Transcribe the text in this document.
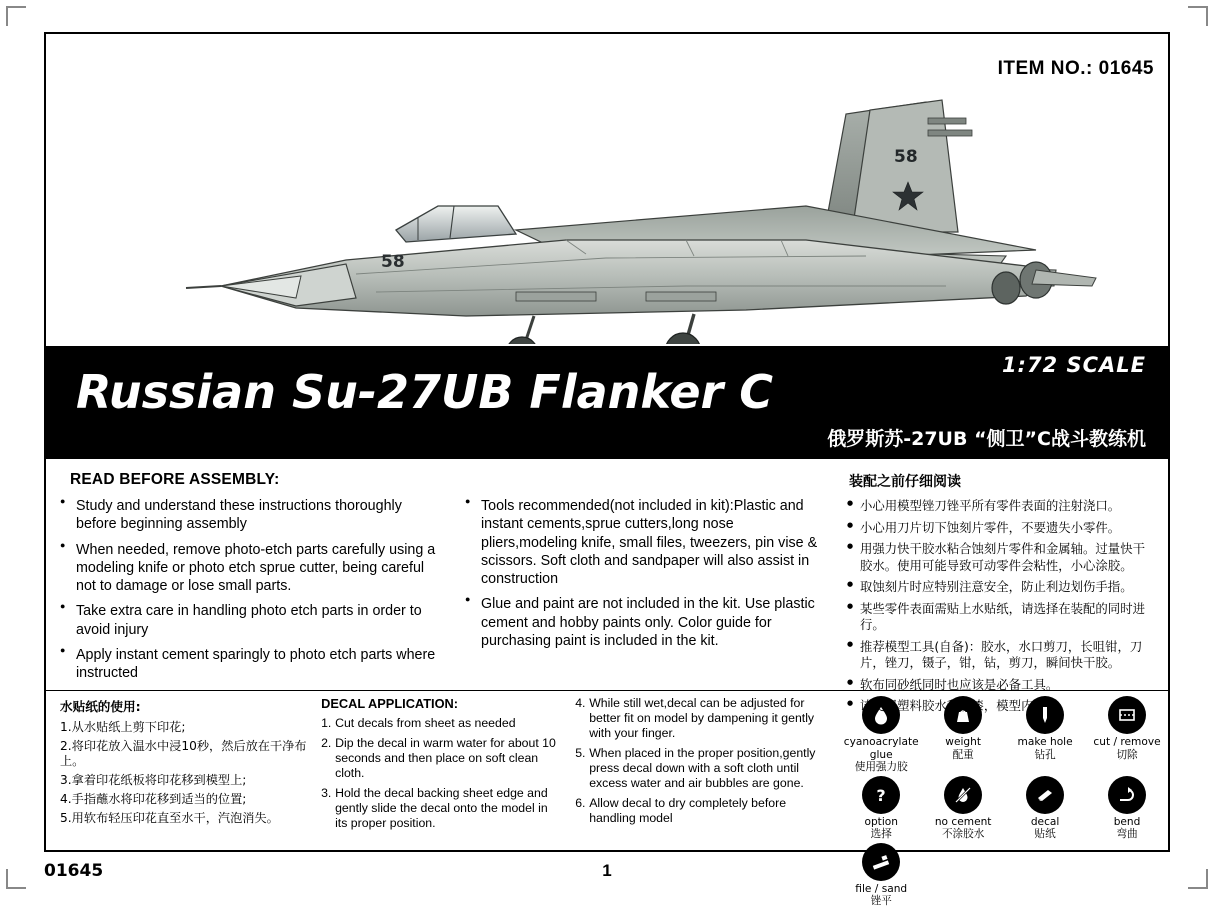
ITEM NO.: 01645
58
58
1:72 SCALE
Russian Su-27UB Flanker C
俄罗斯苏-27UB “侧卫”C战斗教练机
READ BEFORE ASSEMBLY:
● Study and understand these instructions thoroughly before beginning assembly
● When needed, remove photo-etch parts carefully using a modeling knife or photo etch sprue cutter, being careful not to damage or lose small parts.
● Take extra care in handling photo etch parts in order to avoid injury
● Apply instant cement sparingly to photo etch parts where instructed
● Tools recommended(not included in kit):Plastic and instant cements,sprue cutters,long nose pliers,modeling knife, small files, tweezers, pin vise & scissors. Soft cloth and sandpaper will also assist in construction
● Glue and paint are not included in the kit. Use plastic cement and hobby paints only. Color guide for purchasing paint is included in the kit.
装配之前仔细阅读
● 小心用模型锉刀锉平所有零件表面的注射浇口。
● 小心用刀片切下蚀刻片零件，不要遗失小零件。
● 用强力快干胶水粘合蚀刻片零件和金属轴。过量快干胶水。使用可能导致可动零件会粘性，小心涂胶。
● 取蚀刻片时应特别注意安全，防止利边划伤手指。
● 某些零件表面需贴上水贴纸，请选择在装配的同时进行。
● 推荐模型工具(自备)：胶水，水口剪刀，长咀钳，刀片，锉刀，镊子，钳，钻，剪刀，瞬间快干胶。
● 软布同砂纸同时也应该是必备工具。
● 请使用塑料胶水和油漆，模型内不含。
水贴纸的使用:
1.从水贴纸上剪下印花;
2.将印花放入温水中浸10秒，然后放在干净布上。
3.拿着印花纸板将印花移到模型上;
4.手指蘸水将印花移到适当的位置;
5.用软布轻压印花直至水干，汽泡消失。
DECAL APPLICATION:
1. Cut decals from sheet as needed
2. Dip the decal in warm water for about 10 seconds and then place on soft clean cloth.
3. Hold the decal backing sheet edge and gently slide the decal onto the model in its proper position.
4. While still wet,decal can be adjusted for better fit on model by dampening it gently with your finger.
5. When placed in the proper position,gently press decal down with a soft cloth until excess water and air bubbles are gone.
6. Allow decal to dry completely before handling model
cyanoacrylate glue
使用强力胶
weight
配重
make hole
钻孔
cut / remove
切除
?
option
选择
no cement
不涂胶水
decal
贴纸
bend
弯曲
file / sand
锉平
01645	1
